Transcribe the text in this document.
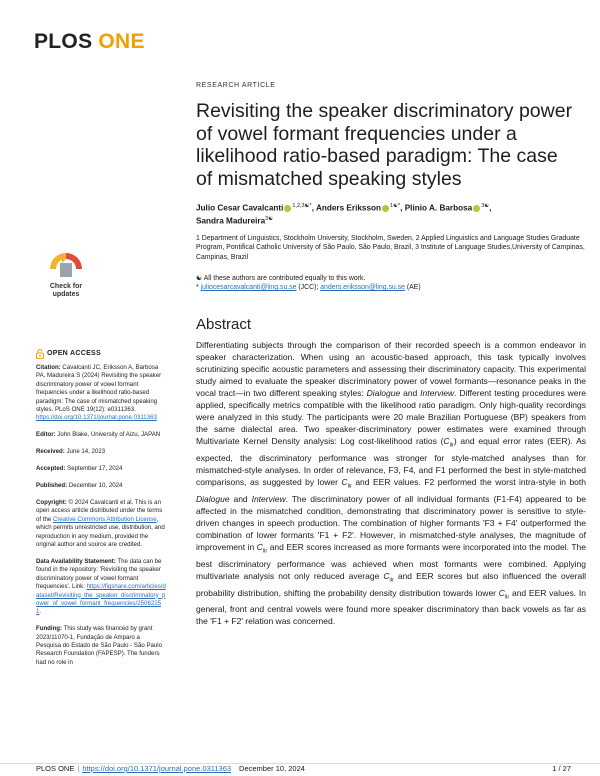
PLOS ONE
RESEARCH ARTICLE
Revisiting the speaker discriminatory power of vowel formant frequencies under a likelihood ratio-based paradigm: The case of mismatched speaking styles
Julio Cesar Cavalcanti $^{1,2,3☯*}$, Anders Eriksson $^{1☯*}$, Plinio A. Barbosa $^{3☯}$,
Sandra Madureira$^{3☯}$
1 Department of Linguistics, Stockholm University, Stockholm, Sweden, 2 Applied Linguistics and Language Studies Graduate Program, Pontifical Catholic University of São Paulo, São Paulo, Brazil, 3 Institute of Language Studies,University of Campinas, Campinas, Brazil
☯ All these authors are contributed equally to this work.
* juliocesarcavalcanti@ling.su.se (JCC); anders.eriksson@ling.su.se (AE)
Check for
updates
Abstract
Differentiating subjects through the comparison of their recorded speech is a common endeavor in speaker characterization. When using an acoustic-based approach, this task typically involves scrutinizing specific acoustic parameters and assessing their discriminatory capacity. This experimental study aimed to evaluate the speaker discriminatory power of vowel formants—resonance peaks in the vocal tract—in two different speaking styles: Dialogue and Interview. Different testing procedures were applied, specifically metrics compatible with the likelihood ratio paradigm. Only high-quality recordings were analyzed in this study. The participants were 20 male Brazilian Portuguese (BP) speakers from the same dialectal area. Two speaker-discriminatory power estimates were examined through Multivariate Kernel Density analysis: Log cost-likelihood ratios $(C_{llr})$ and equal error rates (EER). As expected, the discriminatory performance was stronger for style-matched analyses than for mismatched-style analyses. In order of relevance, F3, F4, and F1 performed the best in style-matched comparisons, as suggested by lower $C_{llr}$ and EER values. F2 performed the worst intra-style in both Dialogue and Interview. The discriminatory power of all individual formants (F1-F4) appeared to be affected in the mismatched condition, demonstrating that discriminatory power is sensitive to style-driven changes in speech production. The combination of higher formants 'F3 + F4' outperformed the combination of lower formants 'F1 + F2'. However, in mismatched-style analyses, the magnitude of improvement in $C_{llr}$ and EER scores increased as more formants were incorporated into the model. The best discriminatory performance was achieved when most formants were combined. Applying multivariate analysis not only reduced average $C_{llr}$ and EER scores but also influenced the overall probability distribution, shifting the probability density distribution towards lower $C_{llr}$ and EER values. In general, front and central vowels were found more speaker discriminatory than back vowels as far as the 'F1 + F2' relation was concerned.
OPEN ACCESS

Citation: Cavalcanti JC, Eriksson A, Barbosa PA, Madureira S (2024) Revisiting the speaker discriminatory power of vowel formant frequencies under a likelihood ratio-based paradigm: The case of mismatched speaking styles. PLoS ONE 19(12): e0311363. https://doi.org/10.1371/journal.pone.0311363

Editor: John Blake, University of Aizu, JAPAN

Received: June 14, 2023

Accepted: September 17, 2024

Published: December 10, 2024

Copyright: © 2024 Cavalcanti et al. This is an open access article distributed under the terms of the Creative Commons Attribution License, which permits unrestricted use, distribution, and reproduction in any medium, provided the original author and source are credited.

Data Availability Statement: The data can be found in the repository: 'Revisiting the speaker discriminatory power of vowel formant frequencies'. Link: https://figshare.com/articles/dataset/Revisiting_the_speaker_discriminatory_power_of_vowel_formant_frequencies/25062251.

Funding: This study was financed by grant 2023/11070-1, Fundação de Amparo a Pesquisa do Estado de São Paulo - São Paulo Research Foundation (FAPESP). The funders had no role in

PLOS ONE | https://doi.org/10.1371/journal.pone.0311363 December 10, 2024	1 / 27
